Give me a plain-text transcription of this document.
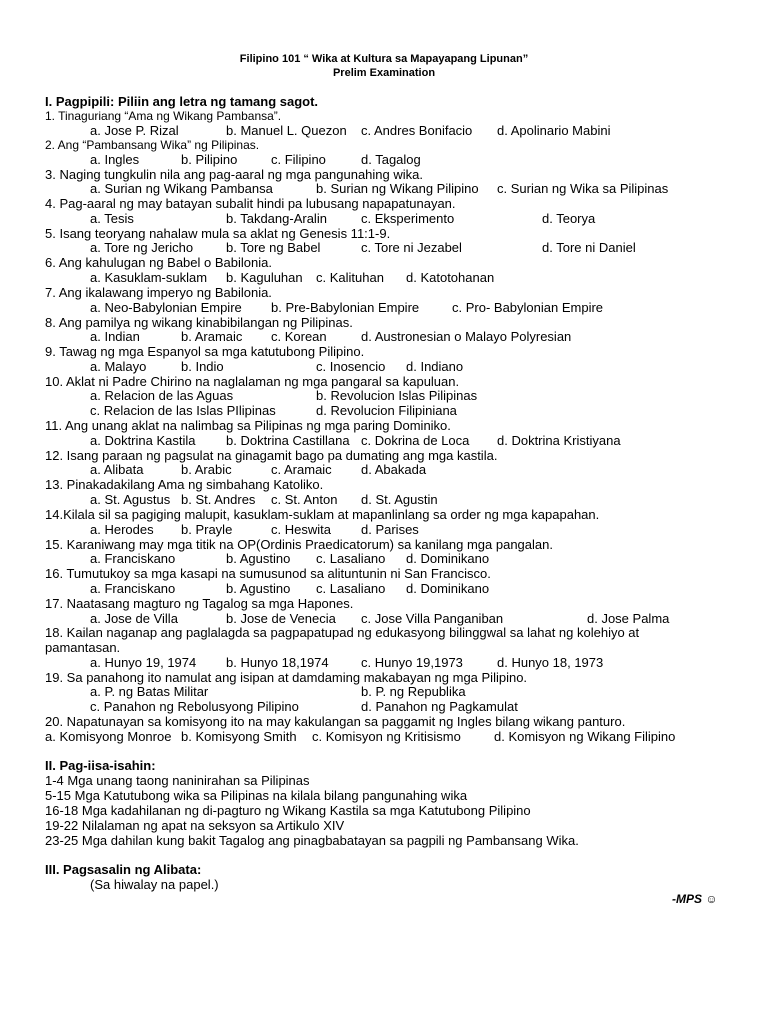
Filipino 101 “ Wika at Kultura sa Mapayapang Lipunan”
Prelim Examination
I. Pagpipili: Piliin ang letra ng tamang sagot.
1. Tinaguriang “Ama ng Wikang Pambansa”.
a. Jose P. Rizal	b. Manuel L. Quezon c. Andres Bonifacio d. Apolinario Mabini
2. Ang “Pambansang Wika” ng Pilipinas.
a. Ingles	b. Pilipino	c. Filipino	d. Tagalog
3. Naging tungkulin nila ang pag-aaral ng mga pangunahing wika.
a. Surian ng Wikang Pambansa	b. Surian ng Wikang Pilipino c. Surian ng Wika sa Pilipinas
4. Pag-aaral ng may batayan subalit hindi pa lubusang napapatunayan.
a. Tesis	b. Takdang-Aralin	c. Eksperimento	d. Teorya
5. Isang teoryang nahalaw mula sa aklat ng Genesis 11:1-9.
a. Tore ng Jericho	b. Tore ng Babel	c. Tore ni Jezabel	d. Tore ni Daniel
6. Ang kahulugan ng Babel o Babilonia.
a. Kasuklam-suklam b. Kaguluhan c. Kalituhan d. Katotohanan
7. Ang ikalawang imperyo ng Babilonia.
a. Neo-Babylonian Empire b. Pre-Babylonian Empire	c. Pro- Babylonian Empire
8. Ang pamilya ng wikang kinabibilangan ng Pilipinas.
a. Indian	b. Aramaic c. Korean	d. Austronesian o Malayo Polyresian
9. Tawag ng mga Espanyol sa mga katutubong Pilipino.
a. Malayo	b. Indio	c. Inosencio d. Indiano
10. Aklat ni Padre Chirino na naglalaman ng mga pangaral sa kapuluan.
a. Relacion de las Aguas	b. Revolucion Islas Pilipinas
c. Relacion de las Islas PIlipinas	d. Revolucion Filipiniana
11. Ang unang aklat na nalimbag sa Pilipinas ng mga paring Dominiko.
a. Doktrina Kastila b. Doktrina Castillana c. Dokrina de Loca d. Doktrina Kristiyana
12. Isang paraan ng pagsulat na ginagamit bago pa dumating ang mga kastila.
a. Alibata	b. Arabic	c. Aramaic d. Abakada
13. Pinakadakilang Ama ng simbahang Katoliko.
a. St. Agustus b. St. Andres c. St. Anton d. St. Agustin
14.Kilala sil sa pagiging malupit, kasuklam-suklam at mapanlinlang sa order ng mga kapapahan.
a. Herodes b. Prayle	c. Heswita d. Parises
15. Karaniwang may mga titik na OP(Ordinis Praedicatorum) sa kanilang mga pangalan.
a. Franciskano	b. Agustino c. Lasaliano d. Dominikano
16. Tumutukoy sa mga kasapi na sumusunod sa alituntunin ni San Francisco.
a. Franciskano	b. Agustino c. Lasaliano d. Dominikano
17. Naatasang magturo ng Tagalog sa mga Hapones.
a. Jose de Villa	b. Jose de Venecia c. Jose Villa Panganiban	d. Jose Palma
18. Kailan naganap ang paglalagda sa pagpapatupad ng edukasyong bilinggwal sa lahat ng kolehiyo at
pamantasan.
a. Hunyo 19, 1974 b. Hunyo 18,1974 c. Hunyo 19,1973	d. Hunyo 18, 1973
19. Sa panahong ito namulat ang isipan at damdaming makabayan ng mga Pilipino.
a. P. ng Batas Militar	b. P. ng Republika
c. Panahon ng Rebolusyong Pilipino	d. Panahon ng Pagkamulat
20. Napatunayan sa komisyong ito na may kakulangan sa paggamit ng Ingles bilang wikang panturo.
a. Komisyong Monroe b. Komisyong Smith c. Komisyon ng Kritisismo	d. Komisyon ng Wikang Filipino
II. Pag-iisa-isahin:
1-4 Mga unang taong naninirahan sa Pilipinas
5-15 Mga Katutubong wika sa Pilipinas na kilala bilang pangunahing wika
16-18 Mga kadahilanan ng di-pagturo ng Wikang Kastila sa mga Katutubong Pilipino
19-22 Nilalaman ng apat na seksyon sa Artikulo XIV
23-25 Mga dahilan kung bakit Tagalog ang pinagbabatayan sa pagpili ng Pambansang Wika.
III. Pagsasalin ng Alibata:
(Sa hiwalay na papel.)
-MPS ☺
